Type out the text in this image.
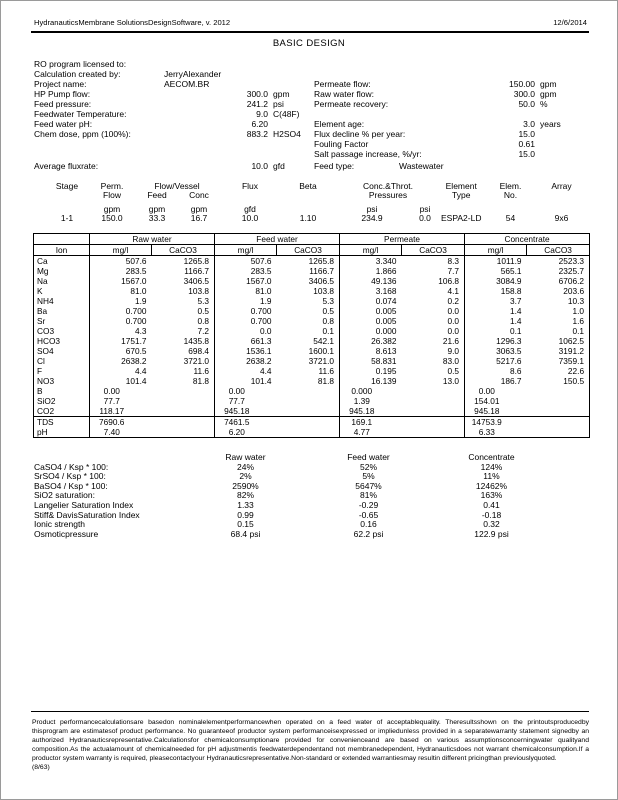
HydranauticsMembrane SolutionsDesignSoftware, v. 2012	12/6/2014
BASIC DESIGN
RO program licensed to:
Calculation created by:	JerryAlexander
Project name:	AECOM.BR
HP Pump flow:	300.0 gpm
Feed pressure:	241.2 psi
Feedwater Temperature:	9.0 C(48F)
Feed water pH:	6.20
Chem dose, ppm (100%):	883.2 H2SO4
Average fluxrate:	10.0 gfd
Permeate flow:	150.00 gpm
Raw water flow:	300.0 gpm
Permeate recovery:	50.0 %
Element age:	3.0 years
Flux decline % per year:	15.0
Fouling Factor	0.61
Salt passage increase, %/yr:	15.0
Feed type:	Wastewater
Stage	Perm.	Flow/Vessel		Flux	Beta	Conc.&Throt.		Element	Elem.	Array
	Flow	Feed	Conc			Pressures		Type	No.	
	gpm	gpm	gpm	gfd		psi	psi			
1-1	150.0	33.3	16.7	10.0	1.10	234.9	0.0	ESPA2-LD	54	9x6
	Raw water		Feed water		Permeate		Concentrate	
Ion	mg/l	CaCO3	mg/l	CaCO3	mg/l	CaCO3	mg/l	CaCO3
Ca	507.6	1265.8	507.6	1265.8	3.340	8.3	1011.9	2523.3
Mg	283.5	1166.7	283.5	1166.7	1.866	7.7	565.1	2325.7
Na	1567.0	3406.5	1567.0	3406.5	49.136	106.8	3084.9	6706.2
K	81.0	103.8	81.0	103.8	3.168	4.1	158.8	203.6
NH4	1.9	5.3	1.9	5.3	0.074	0.2	3.7	10.3
Ba	0.700	0.5	0.700	0.5	0.005	0.0	1.4	1.0
Sr	0.700	0.8	0.700	0.8	0.005	0.0	1.4	1.6
CO3	4.3	7.2	0.0	0.1	0.000	0.0	0.1	0.1
HCO3	1751.7	1435.8	661.3	542.1	26.382	21.6	1296.3	1062.5
SO4	670.5	698.4	1536.1	1600.1	8.613	9.0	3063.5	3191.2
Cl	2638.2	3721.0	2638.2	3721.0	58.831	83.0	5217.6	7359.1
F	4.4	11.6	4.4	11.6	0.195	0.5	8.6	22.6
NO3	101.4	81.8	101.4	81.8	16.139	13.0	186.7	150.5
B	0.00		0.00		0.000		0.00	
SiO2	77.7		77.7		1.39		154.01	
CO2	118.17		945.18		945.18		945.18	
TDS	7690.6		7461.5		169.1		14753.9	
pH	7.40		6.20		4.77		6.33	
	Raw water	Feed water	Concentrate
CaSO4 / Ksp * 100:	24%	52%	124%
SrSO4 / Ksp * 100:	2%	5%	11%
BaSO4 / Ksp * 100:	2590%	5647%	12462%
SiO2 saturation:	82%	81%	163%
Langelier Saturation Index	1.33	-0.29	0.41
Stiff& DavisSaturation Index	0.99	-0.65	-0.18
Ionic strength	0.15	0.16	0.32
Osmoticpressure	68.4 psi	62.2 psi	122.9 psi
Product performancecalculationsare basedon nominalelementperformancewhen operated on a feed water of acceptablequality. Theresultsshown on the printoutsproducedby thisprogram are estimatesof product performance. No guaranteeof productor system performanceisexpressed or impliedunless provided in a separatewarranty statement signedby an authorized Hydranauticsrepresentative.Calculationsfor chemicalconsumptionare provided for convenienceand are based on various assumptionsconcerningwater qualityand composition.As the actualamount of chemicalneeded for pH adjustmentis feedwaterdependentand not membranedependent, Hydranauticsdoes not warrant chemicalconsumption.If a productor system warranty is required, pleasecontactyour Hydranauticsrepresentative.Non-standard or extended warrantiesmay resultin different pricingthan previouslyquoted.
(8/63)
